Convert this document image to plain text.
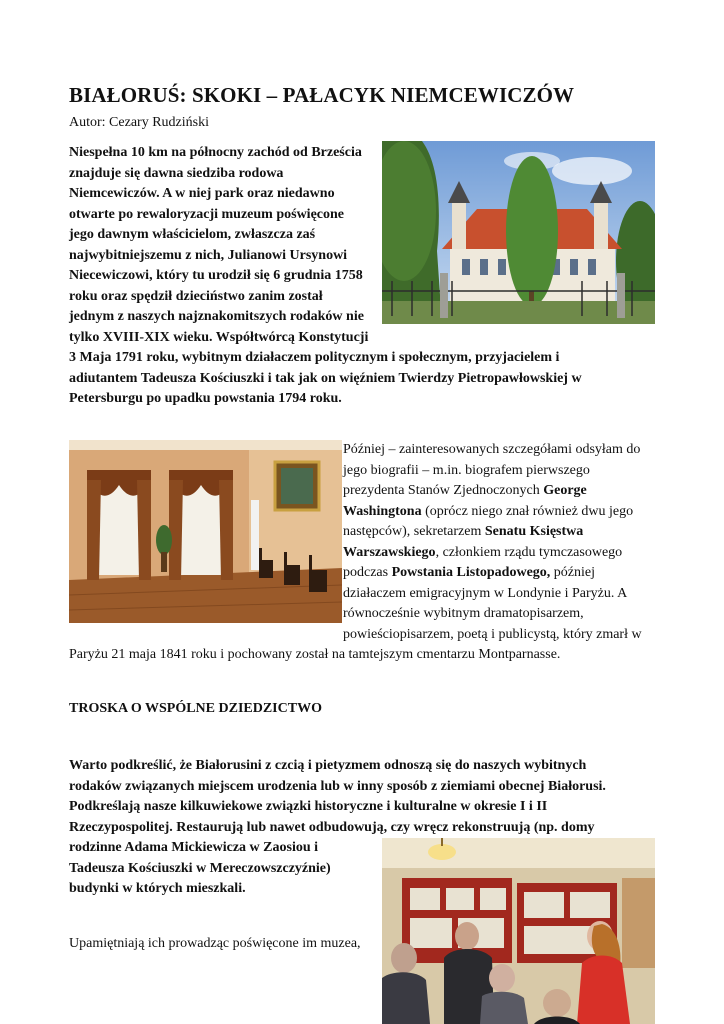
BIAŁORUŚ: SKOKI – PAŁACYK NIEMCEWICZÓW
Autor: Cezary Rudziński
Niespełna 10 km na północny zachód od Brześcia
znajduje się dawna siedziba rodowa
Niemcewiczów. A w niej park oraz niedawno
otwarte po rewaloryzacji muzeum poświęcone
jego dawnym właścicielom, zwłaszcza zaś
najwybitniejszemu z nich, Julianowi Ursynowi
Niecewiczowi, który tu urodził się 6 grudnia 1758
roku oraz spędził dzieciństwo zanim został
jednym z naszych najznakomitszych rodaków nie
tylko XVIII-XIX wieku. Współtwórcą Konstytucji
3 Maja 1791 roku, wybitnym działaczem politycznym i społecznym, przyjacielem i
adiutantem Tadeusza Kościuszki i tak jak on więźniem Twierdzy Pietropawłowskiej w
Petersburgu po upadku powstania 1794 roku.
Później – zainteresowanych szczegółami odsyłam do
jego biografii – m.in. biografem pierwszego
prezydenta Stanów Zjednoczonych George
Washingtona (oprócz niego znał również dwu jego
następców), sekretarzem Senatu Księstwa
Warszawskiego, członkiem rządu tymczasowego
podczas Powstania Listopadowego, później
działaczem emigracyjnym w Londynie i Paryżu. A
równocześnie wybitnym dramatopisarzem,
powieściopisarzem, poetą i publicystą, który zmarł w
Paryżu 21 maja 1841 roku i pochowany został na tamtejszym cmentarzu Montparnasse.
TROSKA O WSPÓLNE DZIEDZICTWO
Warto podkreślić, że Białorusini z czcią i pietyzmem odnoszą się do naszych wybitnych
rodaków związanych miejscem urodzenia lub w inny sposób z ziemiami obecnej Białorusi.
Podkreślają nasze kilkuwiekowe związki historyczne i kulturalne w okresie I i II
Rzeczypospolitej. Restaurują lub nawet odbudowują, czy wręcz rekonstruują (np. domy
rodzinne Adama Mickiewicza w Zaosiou i
Tadeusza Kościuszki w Mereczowszczyźnie)
budynki w których mieszkali.
Upamiętniają ich prowadząc poświęcone im muzea,
